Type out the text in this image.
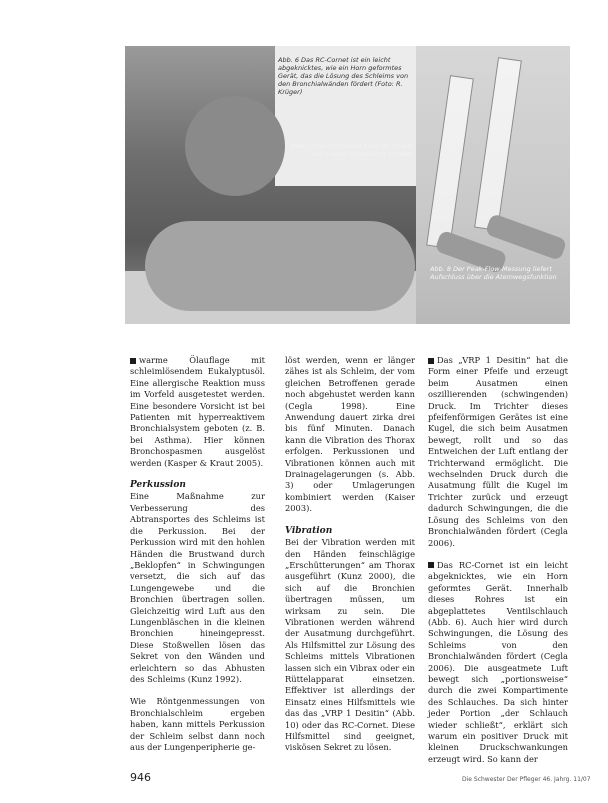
Abb. 6 Das RC-Cornet ist ein leicht abgeknicktes, wie ein Horn geformtes Gerät, das die Lösung des Schleims von den Bronchialwänden fördert (Foto: R. Krüger)
Abb. 7 Das RC-Cornet kann im Sitzen und Liegen angewandt werden
Abb. 8 Der Peak-Flow-Messung liefert Aufschluss über die Atemwegsfunktion

warme Ölauflage mit schleimlösendem Eukalyptusöl. Eine allergische Reaktion muss im Vorfeld ausgetestet werden. Eine besondere Vorsicht ist bei Patienten mit hyperreaktivem Bronchialsystem geboten (z. B. bei Asthma). Hier können Bronchospasmen ausgelöst werden (Kasper & Kraut 2005).

Perkussion

Eine Maßnahme zur Verbesserung des Abtransportes des Schleims ist die Perkussion. Bei der Perkussion wird mit den hohlen Händen die Brustwand durch „Beklopfen“ in Schwingungen versetzt, die sich auf das Lungengewebe und die Bronchien übertragen sollen. Gleichzeitig wird Luft aus den Lungenbläschen in die kleinen Bronchien hineingepresst. Diese Stoßwellen lösen das Sekret von den Wänden und erleichtern so das Abhusten des Schleims (Kunz 1992).

Wie Röntgenmessungen von Bronchialschleim ergeben haben, kann mittels Perkussion der Schleim selbst dann noch aus der Lungenperipherie ge-

löst werden, wenn er länger zähes ist als Schleim, der vom gleichen Betroffenen gerade noch abgehustet werden kann (Cegla 1998). Eine Anwendung dauert zirka drei bis fünf Minuten. Danach kann die Vibration des Thorax erfolgen. Perkussionen und Vibrationen können auch mit Drainagelagerungen (s. Abb. 3) oder Umlagerungen kombiniert werden (Kaiser 2003).

Vibration

Bei der Vibration werden mit den Händen feinschlägige „Erschütterungen“ am Thorax ausgeführt (Kunz 2000), die sich auf die Bronchien übertragen müssen, um wirksam zu sein. Die Vibrationen werden während der Ausatmung durchgeführt. Als Hilfsmittel zur Lösung des Schleims mittels Vibrationen lassen sich ein Vibrax oder ein Rüttelapparat einsetzen. Effektiver ist allerdings der Einsatz eines Hilfsmittels wie das das „VRP 1 Desitin“ (Abb. 10) oder das RC-Cornet. Diese Hilfsmittel sind geeignet, viskösen Sekret zu lösen.

Das „VRP 1 Desitin“ hat die Form einer Pfeife und erzeugt beim Ausatmen einen oszillierenden (schwingenden) Druck. Im Trichter dieses pfeifenförmigen Gerätes ist eine Kugel, die sich beim Ausatmen bewegt, rollt und so das Entweichen der Luft entlang der Trichterwand ermöglicht. Die wechselnden Druck durch die Ausatmung füllt die Kugel im Trichter zurück und erzeugt dadurch Schwingungen, die die Lösung des Schleims von den Bronchialwänden fördert (Cegla 2006).

Das RC-Cornet ist ein leicht abgeknicktes, wie ein Horn geformtes Gerät. Innerhalb dieses Rohres ist ein abgeplattetes Ventilschlauch (Abb. 6). Auch hier wird durch Schwingungen, die Lösung des Schleims von den Bronchialwänden fördert (Cegla 2006). Die ausgeatmete Luft bewegt sich „portionsweise“ durch die zwei Kompartimente des Schlauches. Da sich hinter jeder Portion „der Schlauch wieder schließt“, erklärt sich warum ein positiver Druck mit kleinen Druckschwankungen erzeugt wird. So kann der

946	Die Schwester Der Pfleger 46. Jahrg. 11/07
